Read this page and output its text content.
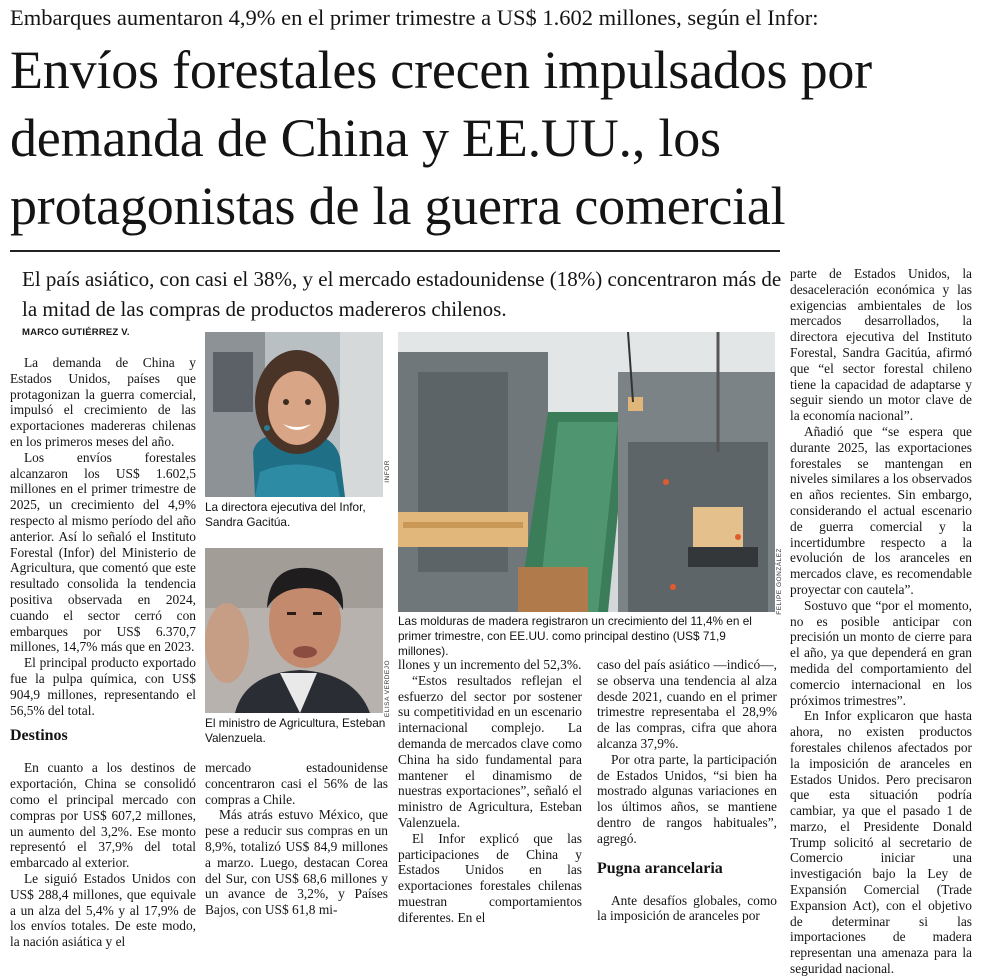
Embarques aumentaron 4,9% en el primer trimestre a US$ 1.602 millones, según el Infor:
Envíos forestales crecen impulsados por demanda de China y EE.UU., los protagonistas de la guerra comercial
El país asiático, con casi el 38%, y el mercado estadounidense (18%) concentraron más de la mitad de las compras de productos madereros chilenos.
MARCO GUTIÉRREZ V.

La demanda de China y Estados Unidos, países que protagonizan la guerra comercial, impulsó el crecimiento de las exportaciones madereras chilenas en los primeros meses del año.

Los envíos forestales alcanzaron los US$ 1.602,5 millones en el primer trimestre de 2025, un crecimiento del 4,9% respecto al mismo período del año anterior. Así lo señaló el Instituto Forestal (Infor) del Ministerio de Agricultura, que comentó que este resultado consolida la tendencia positiva observada en 2024, cuando el sector cerró con embarques por US$ 6.370,7 millones, 14,7% más que en 2023.

El principal producto exportado fue la pulpa química, con US$ 904,9 millones, representando el 56,5% del total.

Destinos

En cuanto a los destinos de exportación, China se consolidó como el principal mercado con compras por US$ 607,2 millones, un aumento del 3,2%. Ese monto representó el 37,9% del total embarcado al exterior.

Le siguió Estados Unidos con US$ 288,4 millones, que equivale a un alza del 5,4% y al 17,9% de los envíos totales. De este modo, la nación asiática y el

INFOR
La directora ejecutiva del Infor, Sandra Gacitúa.
ELISA VERDEJO
El ministro de Agricultura, Esteban Valenzuela.

mercado estadounidense concentraron casi el 56% de las compras a Chile.

Más atrás estuvo México, que pese a reducir sus compras en un 8,9%, totalizó US$ 84,9 millones a marzo. Luego, destacan Corea del Sur, con US$ 68,6 millones y un avance de 3,2%, y Países Bajos, con US$ 61,8 mi-

FELIPE GONZÁLEZ
Las molduras de madera registraron un crecimiento del 11,4% en el primer trimestre, con EE.UU. como principal destino (US$ 71,9 millones).

llones y un incremento del 52,3%.

“Estos resultados reflejan el esfuerzo del sector por sostener su competitividad en un escenario internacional complejo. La demanda de mercados clave como China ha sido fundamental para mantener el dinamismo de nuestras exportaciones”, señaló el ministro de Agricultura, Esteban Valenzuela.

El Infor explicó que las participaciones de China y Estados Unidos en las exportaciones forestales chilenas muestran comportamientos diferentes. En el

caso del país asiático —indicó—, se observa una tendencia al alza desde 2021, cuando en el primer trimestre representaba el 28,9% de las compras, cifra que ahora alcanza 37,9%.

Por otra parte, la participación de Estados Unidos, “si bien ha mostrado algunas variaciones en los últimos años, se mantiene dentro de rangos habituales”, agregó.

Pugna arancelaria

Ante desafíos globales, como la imposición de aranceles por

parte de Estados Unidos, la desaceleración económica y las exigencias ambientales de los mercados desarrollados, la directora ejecutiva del Instituto Forestal, Sandra Gacitúa, afirmó que “el sector forestal chileno tiene la capacidad de adaptarse y seguir siendo un motor clave de la economía nacional”.

Añadió que “se espera que durante 2025, las exportaciones forestales se mantengan en niveles similares a los observados en años recientes. Sin embargo, considerando el actual escenario de guerra comercial y la incertidumbre respecto a la evolución de los aranceles en mercados clave, es recomendable proyectar con cautela”.

Sostuvo que “por el momento, no es posible anticipar con precisión un monto de cierre para el año, ya que dependerá en gran medida del comportamiento del comercio internacional en los próximos trimestres”.

En Infor explicaron que hasta ahora, no existen productos forestales chilenos afectados por la imposición de aranceles en Estados Unidos. Pero precisaron que esta situación podría cambiar, ya que el pasado 1 de marzo, el Presidente Donald Trump solicitó al secretario de Comercio iniciar una investigación bajo la Ley de Expansión Comercial (Trade Expansion Act), con el objetivo de determinar si las importaciones de madera representan una amenaza para la seguridad nacional.
